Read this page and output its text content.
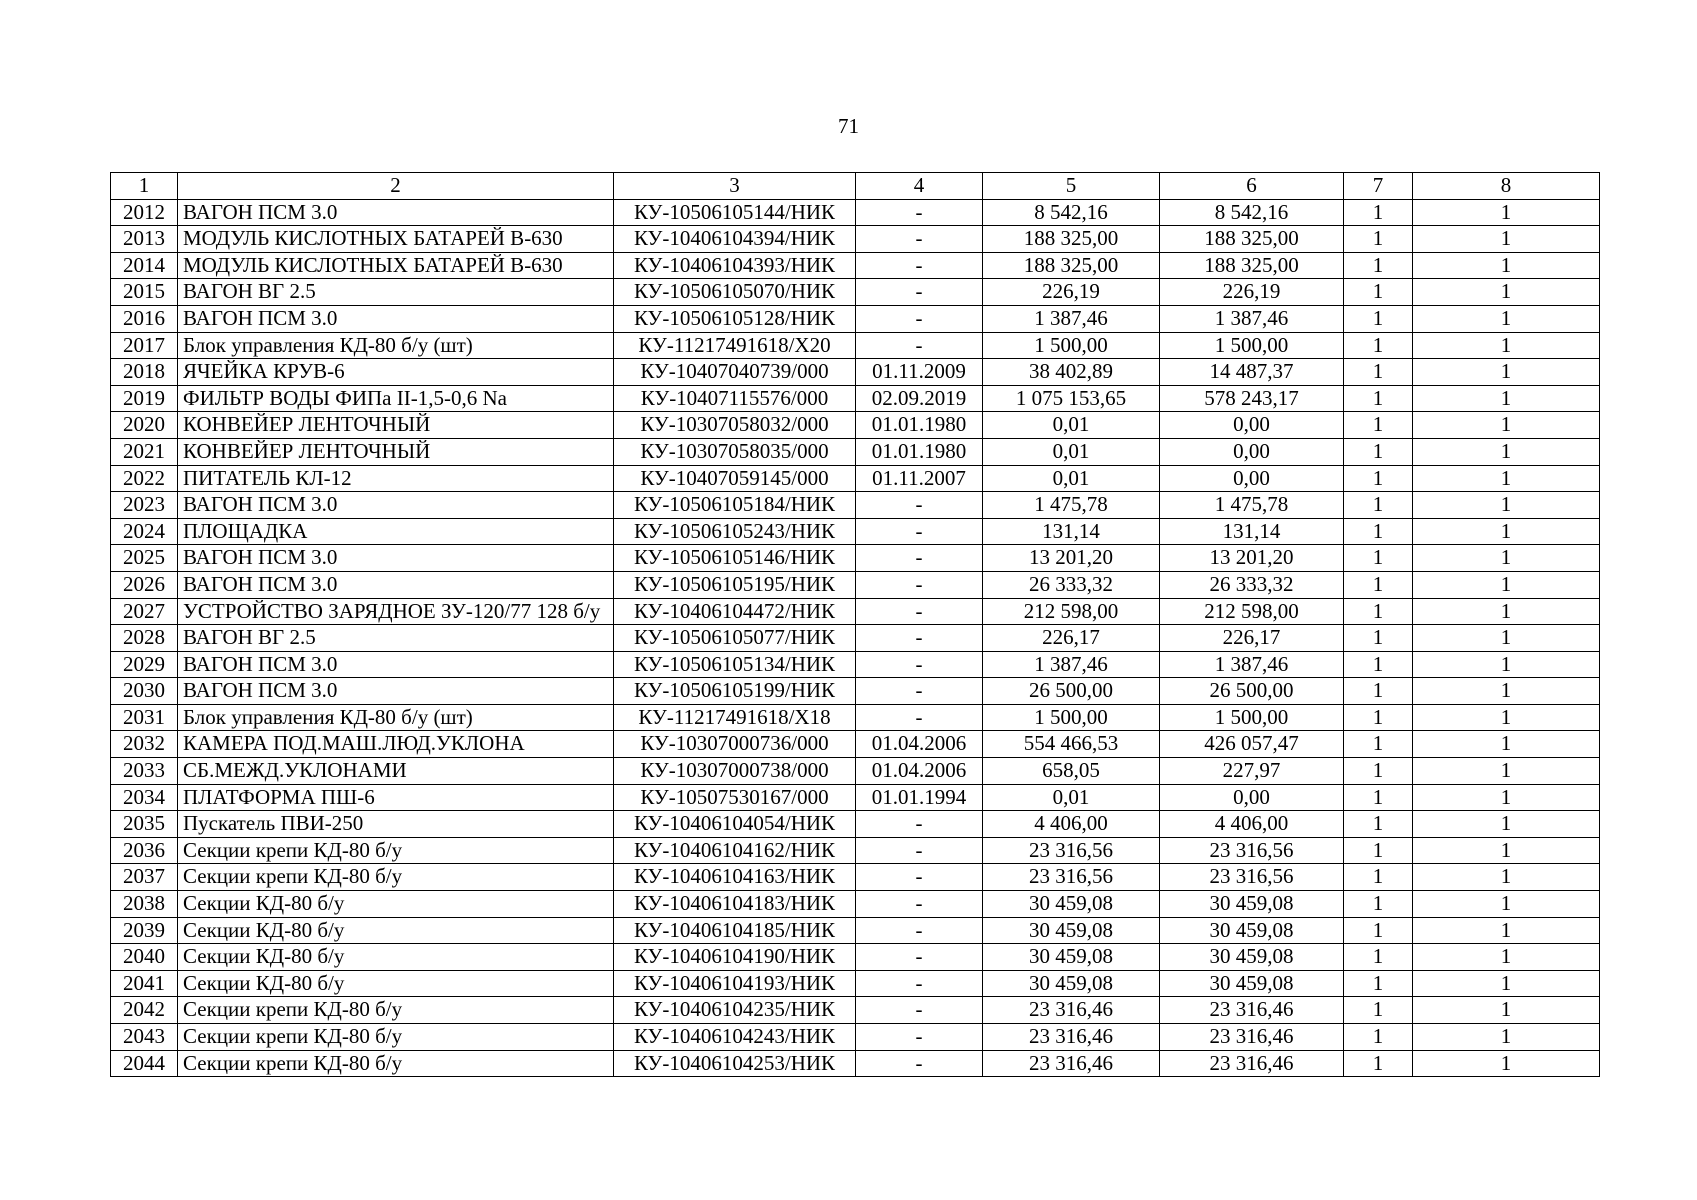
71
1	2	3	4	5	6	7	8
2012	ВАГОН ПСМ 3.0	КУ-10506105144/НИК	-	8 542,16	8 542,16	1	1
2013	МОДУЛЬ КИСЛОТНЫХ БАТАРЕЙ В-630	КУ-10406104394/НИК	-	188 325,00	188 325,00	1	1
2014	МОДУЛЬ КИСЛОТНЫХ БАТАРЕЙ В-630	КУ-10406104393/НИК	-	188 325,00	188 325,00	1	1
2015	ВАГОН ВГ 2.5	КУ-10506105070/НИК	-	226,19	226,19	1	1
2016	ВАГОН ПСМ 3.0	КУ-10506105128/НИК	-	1 387,46	1 387,46	1	1
2017	Блок управления КД-80 б/у (шт)	КУ-11217491618/Х20	-	1 500,00	1 500,00	1	1
2018	ЯЧЕЙКА КРУВ-6	КУ-10407040739/000	01.11.2009	38 402,89	14 487,37	1	1
2019	ФИЛЬТР ВОДЫ ФИПа II-1,5-0,6 Na	КУ-10407115576/000	02.09.2019	1 075 153,65	578 243,17	1	1
2020	КОНВЕЙЕР ЛЕНТОЧНЫЙ	КУ-10307058032/000	01.01.1980	0,01	0,00	1	1
2021	КОНВЕЙЕР ЛЕНТОЧНЫЙ	КУ-10307058035/000	01.01.1980	0,01	0,00	1	1
2022	ПИТАТЕЛЬ КЛ-12	КУ-10407059145/000	01.11.2007	0,01	0,00	1	1
2023	ВАГОН ПСМ 3.0	КУ-10506105184/НИК	-	1 475,78	1 475,78	1	1
2024	ПЛОЩАДКА	КУ-10506105243/НИК	-	131,14	131,14	1	1
2025	ВАГОН ПСМ 3.0	КУ-10506105146/НИК	-	13 201,20	13 201,20	1	1
2026	ВАГОН ПСМ 3.0	КУ-10506105195/НИК	-	26 333,32	26 333,32	1	1
2027	УСТРОЙСТВО ЗАРЯДНОЕ ЗУ-120/77 128 б/у	КУ-10406104472/НИК	-	212 598,00	212 598,00	1	1
2028	ВАГОН ВГ 2.5	КУ-10506105077/НИК	-	226,17	226,17	1	1
2029	ВАГОН ПСМ 3.0	КУ-10506105134/НИК	-	1 387,46	1 387,46	1	1
2030	ВАГОН ПСМ 3.0	КУ-10506105199/НИК	-	26 500,00	26 500,00	1	1
2031	Блок управления КД-80 б/у (шт)	КУ-11217491618/Х18	-	1 500,00	1 500,00	1	1
2032	КАМЕРА ПОД.МАШ.ЛЮД.УКЛОНА	КУ-10307000736/000	01.04.2006	554 466,53	426 057,47	1	1
2033	СБ.МЕЖД.УКЛОНАМИ	КУ-10307000738/000	01.04.2006	658,05	227,97	1	1
2034	ПЛАТФОРМА ПШ-6	КУ-10507530167/000	01.01.1994	0,01	0,00	1	1
2035	Пускатель ПВИ-250	КУ-10406104054/НИК	-	4 406,00	4 406,00	1	1
2036	Секции крепи КД-80 б/у	КУ-10406104162/НИК	-	23 316,56	23 316,56	1	1
2037	Секции крепи КД-80 б/у	КУ-10406104163/НИК	-	23 316,56	23 316,56	1	1
2038	Секции КД-80 б/у	КУ-10406104183/НИК	-	30 459,08	30 459,08	1	1
2039	Секции КД-80 б/у	КУ-10406104185/НИК	-	30 459,08	30 459,08	1	1
2040	Секции КД-80 б/у	КУ-10406104190/НИК	-	30 459,08	30 459,08	1	1
2041	Секции КД-80 б/у	КУ-10406104193/НИК	-	30 459,08	30 459,08	1	1
2042	Секции крепи КД-80 б/у	КУ-10406104235/НИК	-	23 316,46	23 316,46	1	1
2043	Секции крепи КД-80 б/у	КУ-10406104243/НИК	-	23 316,46	23 316,46	1	1
2044	Секции крепи КД-80 б/у	КУ-10406104253/НИК	-	23 316,46	23 316,46	1	1
